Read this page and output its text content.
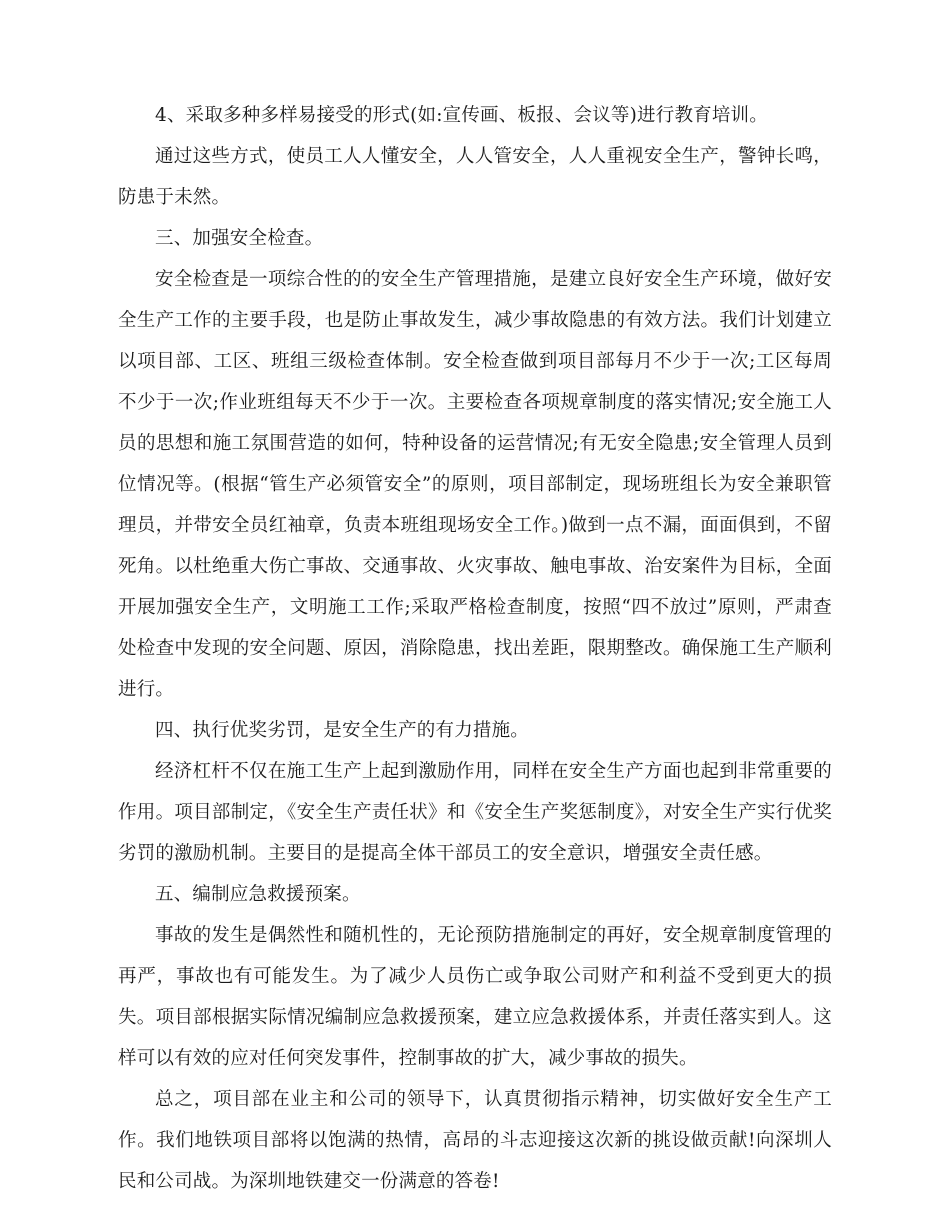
4、采取多种多样易接受的形式(如:宣传画、板报、会议等)进行教育培训。

通过这些方式，使员工人人懂安全，人人管安全，人人重视安全生产，警钟长鸣，防患于未然。

三、加强安全检查。

安全检查是一项综合性的的安全生产管理措施，是建立良好安全生产环境，做好安全生产工作的主要手段，也是防止事故发生，减少事故隐患的有效方法。我们计划建立以项目部、工区、班组三级检查体制。安全检查做到项目部每月不少于一次;工区每周不少于一次;作业班组每天不少于一次。主要检查各项规章制度的落实情况;安全施工人员的思想和施工氛围营造的如何，特种设备的运营情况;有无安全隐患;安全管理人员到位情况等。(根据“管生产必须管安全”的原则，项目部制定，现场班组长为安全兼职管理员，并带安全员红袖章，负责本班组现场安全工作。)做到一点不漏，面面俱到，不留死角。以杜绝重大伤亡事故、交通事故、火灾事故、触电事故、治安案件为目标，全面开展加强安全生产，文明施工工作;采取严格检查制度，按照“四不放过”原则，严肃查处检查中发现的安全问题、原因，消除隐患，找出差距，限期整改。确保施工生产顺利进行。

四、执行优奖劣罚，是安全生产的有力措施。

经济杠杆不仅在施工生产上起到激励作用，同样在安全生产方面也起到非常重要的作用。项目部制定，《安全生产责任状》和《安全生产奖惩制度》，对安全生产实行优奖劣罚的激励机制。主要目的是提高全体干部员工的安全意识，增强安全责任感。

五、编制应急救援预案。

事故的发生是偶然性和随机性的，无论预防措施制定的再好，安全规章制度管理的再严，事故也有可能发生。为了减少人员伤亡或争取公司财产和利益不受到更大的损失。项目部根据实际情况编制应急救援预案，建立应急救援体系，并责任落实到人。这样可以有效的应对任何突发事件，控制事故的扩大，减少事故的损失。

总之，项目部在业主和公司的领导下，认真贯彻指示精神，切实做好安全生产工作。我们地铁项目部将以饱满的热情，高昂的斗志迎接这次新的挑设做贡献!向深圳人民和公司战。为深圳地铁建交一份满意的答卷!
